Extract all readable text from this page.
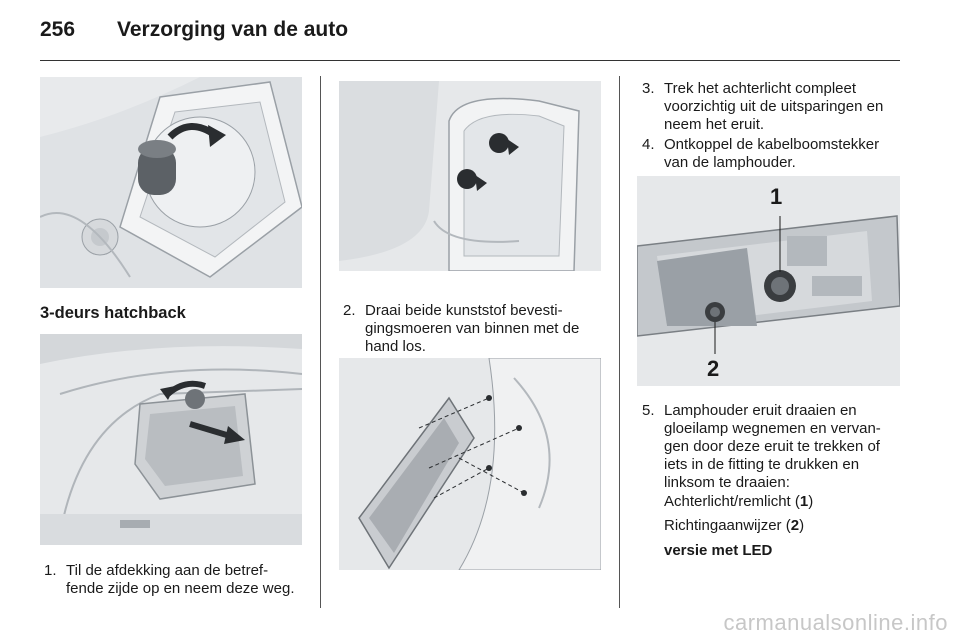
256 Verzorging van de auto
3-deurs hatchback
1. Til de afdekking aan de betref-
fende zijde op en neem deze weg.
2. Draai beide kunststof bevesti-
gingsmoeren van binnen met de
hand los.
3. Trek het achterlicht compleet
voorzichtig uit de uitsparingen en
neem het eruit.
4. Ontkoppel de kabelboomstekker
van de lamphouder.
1
2
5. Lamphouder eruit draaien en
gloeilamp wegnemen en vervan-
gen door deze eruit te trekken of
iets in de fitting te drukken en
linksom te draaien:
Achterlicht/remlicht (1)
Richtingaanwijzer (2)
versie met LED
carmanualsonline.info
